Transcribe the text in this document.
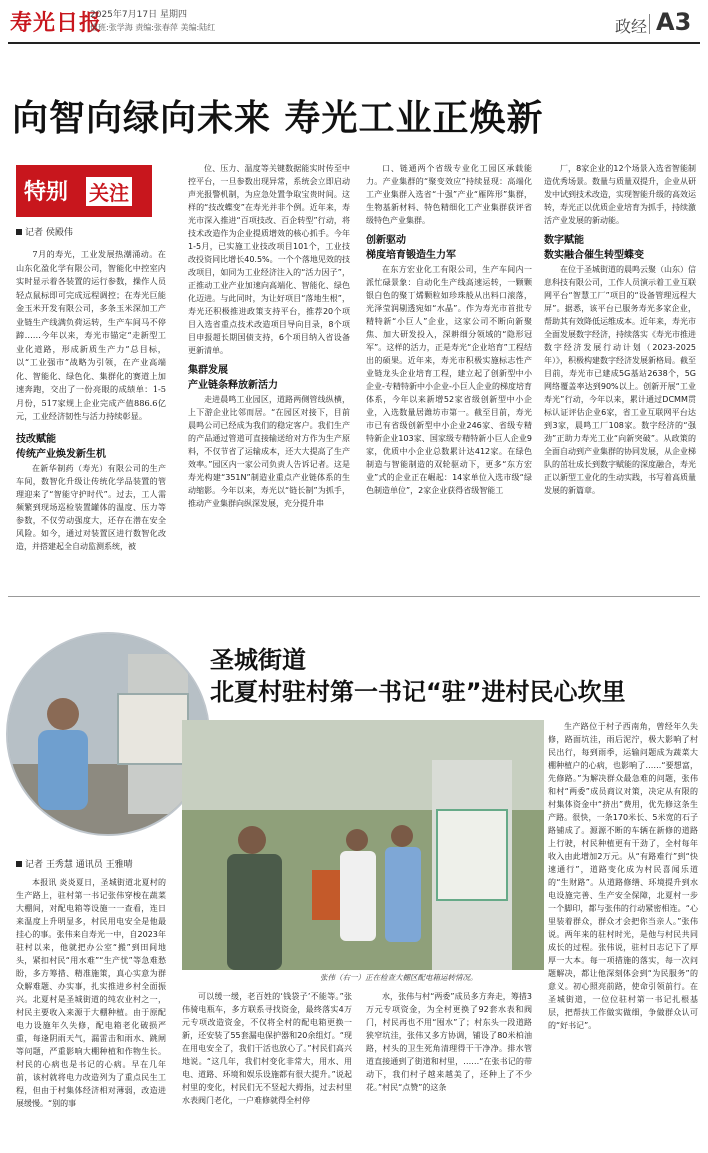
寿光日报
2025年7月17日 星期四
值班:张学海 责编:张春萍 美编:陆红	政经 A3
向智向绿向未来 寿光工业正焕新
特别 关注
记者 侯殿伟

7月的寿光，工业发展热潮涌动。在山东化盈化学有限公司，智能化中控室内实时显示着各装置的运行参数，操作人员轻点鼠标即可完成远程调控；在寿光巨能金玉米开发有限公司，多条玉米深加工产业链生产线满负荷运转，生产车间马不停蹄……今年以来，寿光市锚定“走新型工业化道路，形成新质生产力”总目标，以“工业强市”战略为引领，在产业高端化、智能化、绿色化、集群化的赛道上加速奔跑，交出了一份亮眼的成绩单：1-5月份，517家规上企业完成产值886.6亿元，工业经济韧性与活力持续彰显。

技改赋能
传统产业焕发新生机

在新华制药（寿光）有限公司的生产车间，数智化升级让传统化学品装置的管理迎来了“智能守护时代”。过去，工人需频繁到现场巡检装置罐体的温度、压力等参数，不仅劳动强度大，还存在潜在安全风险。如今，通过对装置区进行数智化改造，并搭建起全自动监测系统，被

位、压力、温度等关键数据能实时传至中控平台，一旦参数出现异常，系统会立即启动声光报警机制，为应急处置争取宝贵时间。这样的“技改蝶变”在寿光并非个例。近年来，寿光市深入推进“百项技改、百企转型”行动，将技术改造作为企业提质增效的核心抓手。今年1-5月，已实施工业技改项目101个，工业技改投资同比增长40.5%。一个个落地见效的技改项目，如同为工业经济注入的“活力因子”，正推动工业产业加速向高端化、智能化、绿色化迈进。与此同时，为让好项目“落地生根”，寿光还积极推进政策支持平台，推荐20个项目入选省重点技术改造项目导向目录，8个项目申报超长期国债支持，6个项目纳入省设备更新清单。

集群发展
产业链条释放新活力

走进晨鸣工业园区，道路两侧管线纵横，上下游企业比邻而居。“在园区对接下，目前晨鸣公司已经成为我们的稳定客户。我们生产的产品通过管道可直接输送给对方作为生产原料，不仅节省了运输成本，还大大提高了生产效率。”园区内一家公司负责人告诉记者。这是寿光构建“351N”制造业重点产业链体系的生动缩影。今年以来，寿光以“链长制”为抓手，推动产业集群向纵深发展，充分提升串

口、链通两个省级专业化工园区承载能力。产业集群的“聚变效应”持续显现：高端化工产业集群入选省“十强”产业“雁阵形”集群，生物基新材料、特色精细化工产业集群获评省级特色产业集群。

创新驱动
梯度培育锻造生力军

在东方宏业化工有限公司，生产车间内一派忙碌景象：自动化生产线高速运转，一颗颗银白色的聚丁烯颗粒如珍珠般从出料口滚落，光泽莹润剔透宛如“水晶”。作为寿光市首批专精特新“小巨人”企业，这家公司不断向新聚焦、加大研发投入，深耕细分领域的“隐形冠军”。这样的活力，正是寿光“企业培育”工程结出的硕果。近年来，寿光市积极实施标志性产业链龙头企业培育工程，建立起了创新型中小企业-专精特新中小企业-小巨人企业的梯度培育体系，今年以来新增52家省级创新型中小企业，入选数量居潍坊市第一。截至目前，寿光市已有省级创新型中小企业246家、省级专精特新企业103家、国家级专精特新小巨人企业9家，优质中小企业总数累计达412家。在绿色制造与智能制造的双轮驱动下，更多“东方宏业”式的企业正在崛起：14家单位入选市级“绿色制造单位”，2家企业获得省级智能工

厂，8家企业的12个场景入选省智能制造优秀场景。数量与质量双提升，企业从研发中试到技术改造，实现智能升级的高效运转，寿光正以优质企业培育为抓手，持续激活产业发展的新动能。

数字赋能
数实融合催生转型蝶变

在位于圣城街道的晨鸣云聚（山东）信息科技有限公司，工作人员演示着工业互联网平台“智慧工厂”项目的“设备管理远程大屏”。据悉，该平台已服务寿光多家企业，帮助其有效降低运维成本。近年来，寿光市全面发展数字经济，持续落实《寿光市推进数字经济发展行动计划（2023-2025年）》，积极构建数字经济发展新格局。截至目前，寿光市已建成5G基站2638个，5G网络覆盖率达到90%以上。创新开展“工业寿光”行动，今年以来，累计通过DCMM贯标认证评估企业6家，省工业互联网平台达到3家，晨鸣工厂108家。数字经济的“强劲”正助力寿光工业“向新突破”。从政策的全面自动到产业集群的协同发展，从企业梯队的茁壮成长到数字赋能的深度融合，寿光正以新型工业化的生动实践，书写着高质量发展的新篇章。

圣城街道
北夏村驻村第一书记“驻”进村民心坎里
记者 王秀慧 通讯员 王雅晴

本报讯 炎炎夏日，圣城街道北夏村的生产路上，驻村第一书记张伟穿梭在蔬菜大棚间，对配电箱等设施一一查看，连日来温度上升明显多，村民用电安全是他最挂心的事。张伟来自寿光一中，自2023年驻村以来，他就把办公室“搬”到田间地头，紧扣村民“用水难”“生产忧”等急难愁盼，多方筹措、精准施策，真心实意为群众解难题、办实事，扎实推进乡村全面振兴。北夏村是圣城街道的纯农业村之一，村民主要收入来源于大棚种植。由于原配电力设施年久失修，配电箱老化破损严重，每逢阴雨天气，漏雷击和雨水、跳闸等问题，严重影响大棚种植和作物生长。村民的心病也是书记的心病。早在几年前，该村就将电力改造列为了重点民生工程，但由于村集体经济相对薄弱，改造进展缓慢。“别的事

张伟（右一）正在检查大棚区配电箱运转情况。

可以缓一缓，老百姓的‘钱袋子’不能等。”张伟骑电瓶车，多方联系寻找资金，最终落实4万元专项改造资金，不仅将全村的配电箱更换一新，还安装了55套漏电保护器和20余组灯。“现在用电安全了，我们干活也放心了。”村民们高兴地说。“这几年，我们村变化非常大，用水、用电、道路、环境和娱乐设施都有很大提升。”说起村里的变化，村民们无不竖起大拇指，过去村里水表阀门老化，一户难修就得全村停

水，张伟与村“两委”成员多方奔走，筹措3万元专项资金，为全村更换了92套水表和阀门，村民再也不用“囤水”了；村东头一段道路狭窄坑洼，张伟又多方协调，铺设了80米柏油路，村头的卫生死角清理得干干净净。排水管道直接通到了街道和村里，……“在张书记的带动下，我们村子越来越美了，还种上了不少花。”村民“点赞”的这条

生产路位于村子西南角，曾经年久失修，路面坑洼，雨后泥泞，极大影响了村民出行，每到雨季，运输问题成为蔬菜大棚种植户的心病，也影响了……“要想富，先修路。”为解决群众最急难的问题，张伟和村“两委”成员商议对策，决定从有限的村集体资金中“挤出”费用，优先修这条生产路。很快，一条170米长、5米宽的石子路铺成了。源源不断的车辆在新修的道路上行驶，村民种植更有干劲了，全村每年收入由此增加2万元。从“有路难行”到“快速通行”，道路变化成为村民喜闻乐道的“生财路”。从道路修缮、环境提升到水电设施完善、生产安全保障，北夏村一步一个脚印，都与张伟的行动紧密相连。“心里装着群众，群众才会把你当亲人。”张伟说。两年来的驻村时光，是他与村民共同成长的过程。张伟说，驻村日志记下了厚厚一大本。每一项措施的落实，每一次问题解决，都让他深刻体会到“为民服务”的意义。初心照亮前路，使命引领前行。在圣城街道，一位位驻村第一书记扎根基层，把帮扶工作做实做细，争做群众认可的“好书记”。
